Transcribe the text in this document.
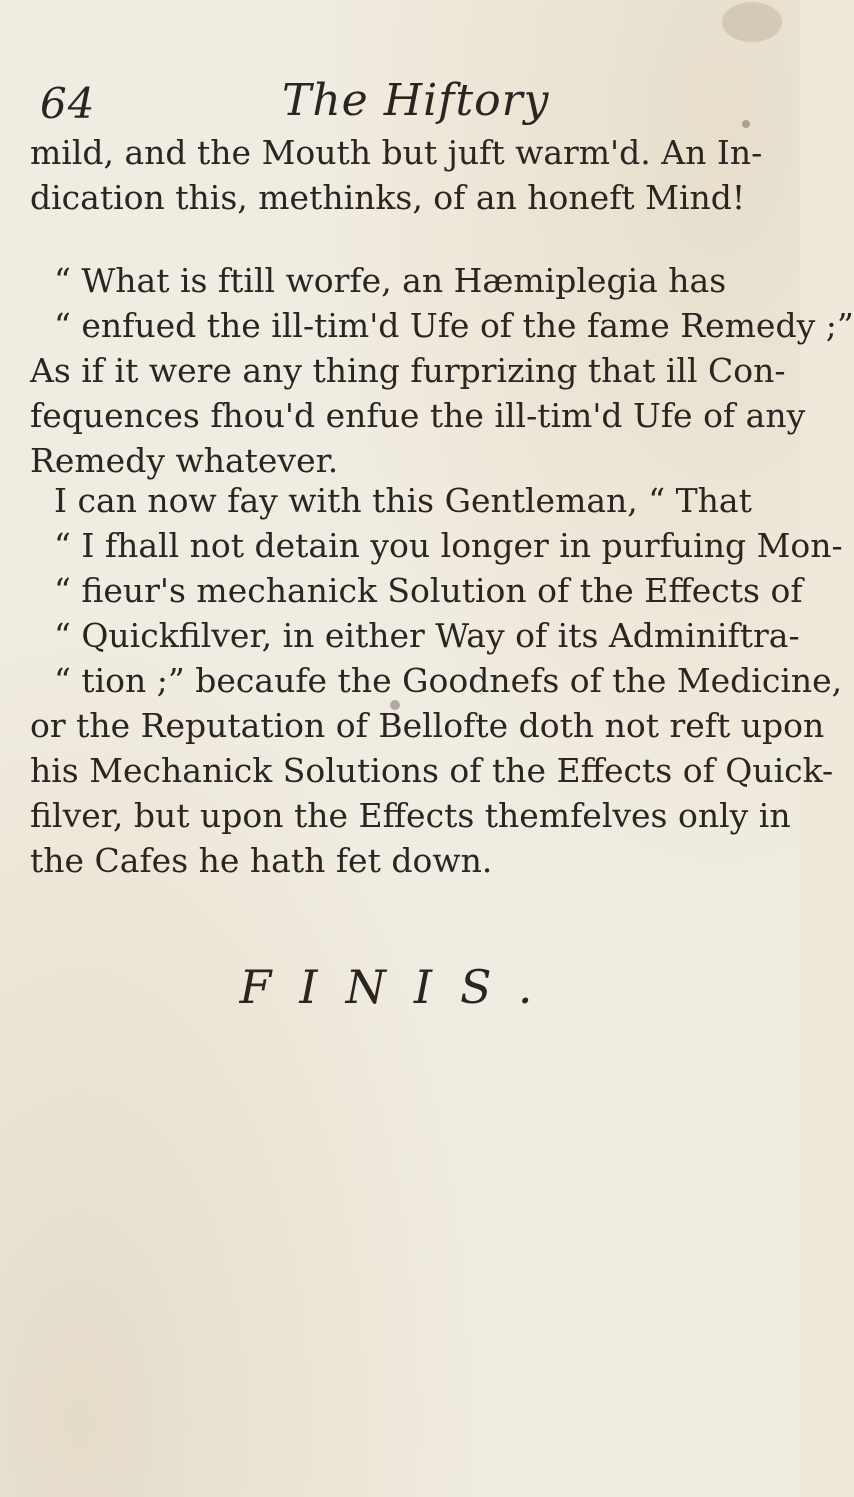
64	The Hiftory
mild, and the Mouth but juft warm'd. An In-
dication this, methinks, of an honeft Mind!
“ What is ftill worfe, an Hæmiplegia has
“ enfued the ill-tim'd Ufe of the fame Remedy ;”
As if it were any thing furprizing that ill Con-
fequences fhou'd enfue the ill-tim'd Ufe of any
Remedy whatever.
I can now fay with this Gentleman, “ That
“ I fhall not detain you longer in purfuing Mon-
“ fieur's mechanick Solution of the Effects of
“ Quickfilver, in either Way of its Adminiftra-
“ tion ;” becaufe the Goodnefs of the Medicine,
or the Reputation of Bellofte doth not reft upon
his Mechanick Solutions of the Effects of Quick-
filver, but upon the Effects themfelves only in
the Cafes he hath fet down.
FINIS.
